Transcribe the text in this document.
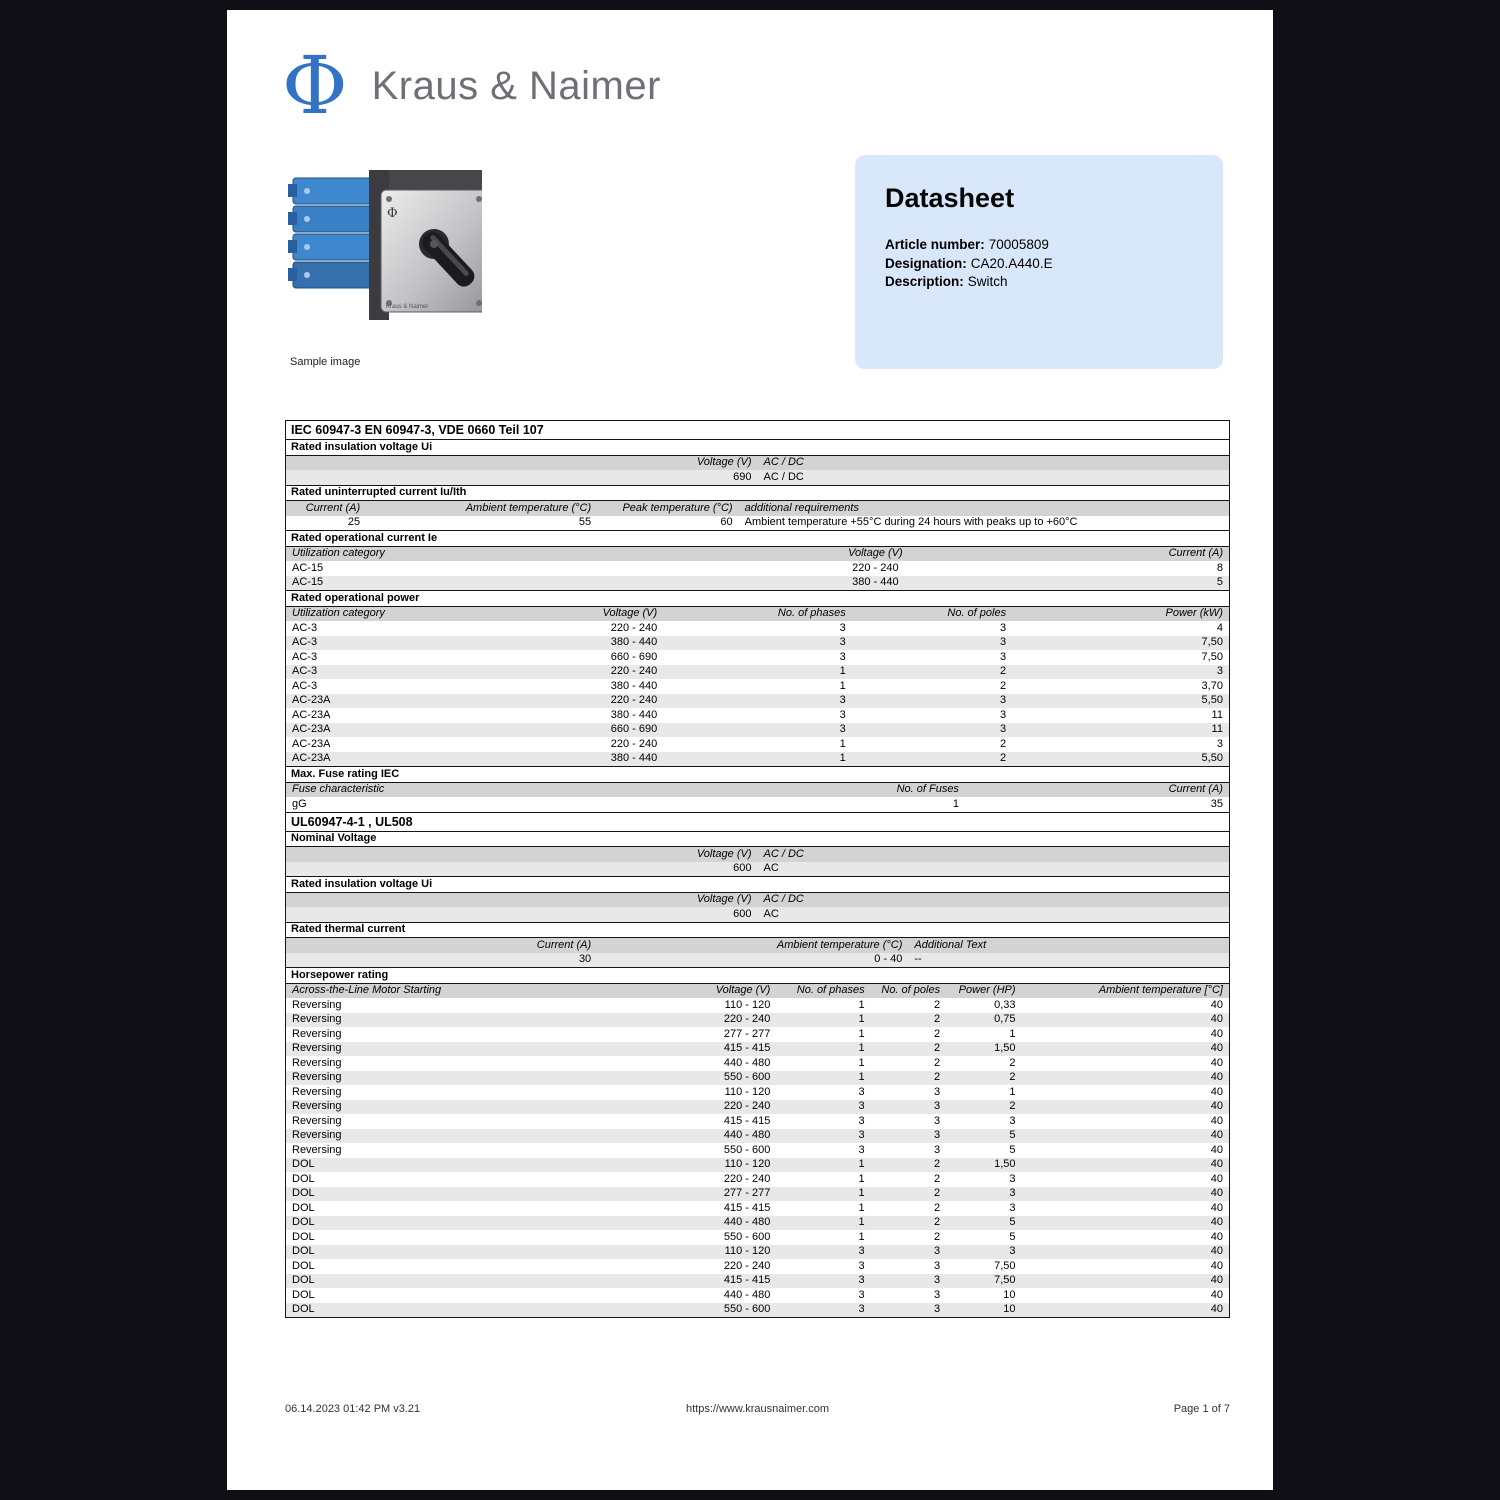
Φ Kraus & Naimer
Φ
Kraus & Naimer
Sample image
Datasheet
Article number: 70005809
Designation: CA20.A440.E
Description: Switch
IEC 60947-3 EN 60947-3, VDE 0660 Teil 107
Rated insulation voltage Ui
Voltage (V)	AC / DC
690	AC / DC
Rated uninterrupted current Iu/Ith
Current (A)	Ambient temperature (°C)	Peak temperature (°C)	additional requirements
25	55	60	Ambient temperature +55°C during 24 hours with peaks up to +60°C
Rated operational current Ie
Utilization category	Voltage (V)	Current (A)
AC-15	220 - 240	8
AC-15	380 - 440	5
Rated operational power
Utilization category	Voltage (V)	No. of phases	No. of poles	Power (kW)
AC-3	220 - 240	3	3	4
AC-3	380 - 440	3	3	7,50
AC-3	660 - 690	3	3	7,50
AC-3	220 - 240	1	2	3
AC-3	380 - 440	1	2	3,70
AC-23A	220 - 240	3	3	5,50
AC-23A	380 - 440	3	3	11
AC-23A	660 - 690	3	3	11
AC-23A	220 - 240	1	2	3
AC-23A	380 - 440	1	2	5,50
Max. Fuse rating IEC
Fuse characteristic	No. of Fuses	Current (A)
gG	1	35
UL60947-4-1 , UL508
Nominal Voltage
Voltage (V)	AC / DC
600	AC
Rated insulation voltage Ui
Voltage (V)	AC / DC
600	AC
Rated thermal current
Current (A)	Ambient temperature (°C)	Additional Text
30	0 - 40	--
Horsepower rating
Across-the-Line Motor Starting	Voltage (V)	No. of phases	No. of poles	Power (HP)	Ambient temperature [°C]
Reversing	110 - 120	1	2	0,33	40
Reversing	220 - 240	1	2	0,75	40
Reversing	277 - 277	1	2	1	40
Reversing	415 - 415	1	2	1,50	40
Reversing	440 - 480	1	2	2	40
Reversing	550 - 600	1	2	2	40
Reversing	110 - 120	3	3	1	40
Reversing	220 - 240	3	3	2	40
Reversing	415 - 415	3	3	3	40
Reversing	440 - 480	3	3	5	40
Reversing	550 - 600	3	3	5	40
DOL	110 - 120	1	2	1,50	40
DOL	220 - 240	1	2	3	40
DOL	277 - 277	1	2	3	40
DOL	415 - 415	1	2	3	40
DOL	440 - 480	1	2	5	40
DOL	550 - 600	1	2	5	40
DOL	110 - 120	3	3	3	40
DOL	220 - 240	3	3	7,50	40
DOL	415 - 415	3	3	7,50	40
DOL	440 - 480	3	3	10	40
DOL	550 - 600	3	3	10	40
06.14.2023 01:42 PM v3.21	https://www.krausnaimer.com	Page 1 of 7
